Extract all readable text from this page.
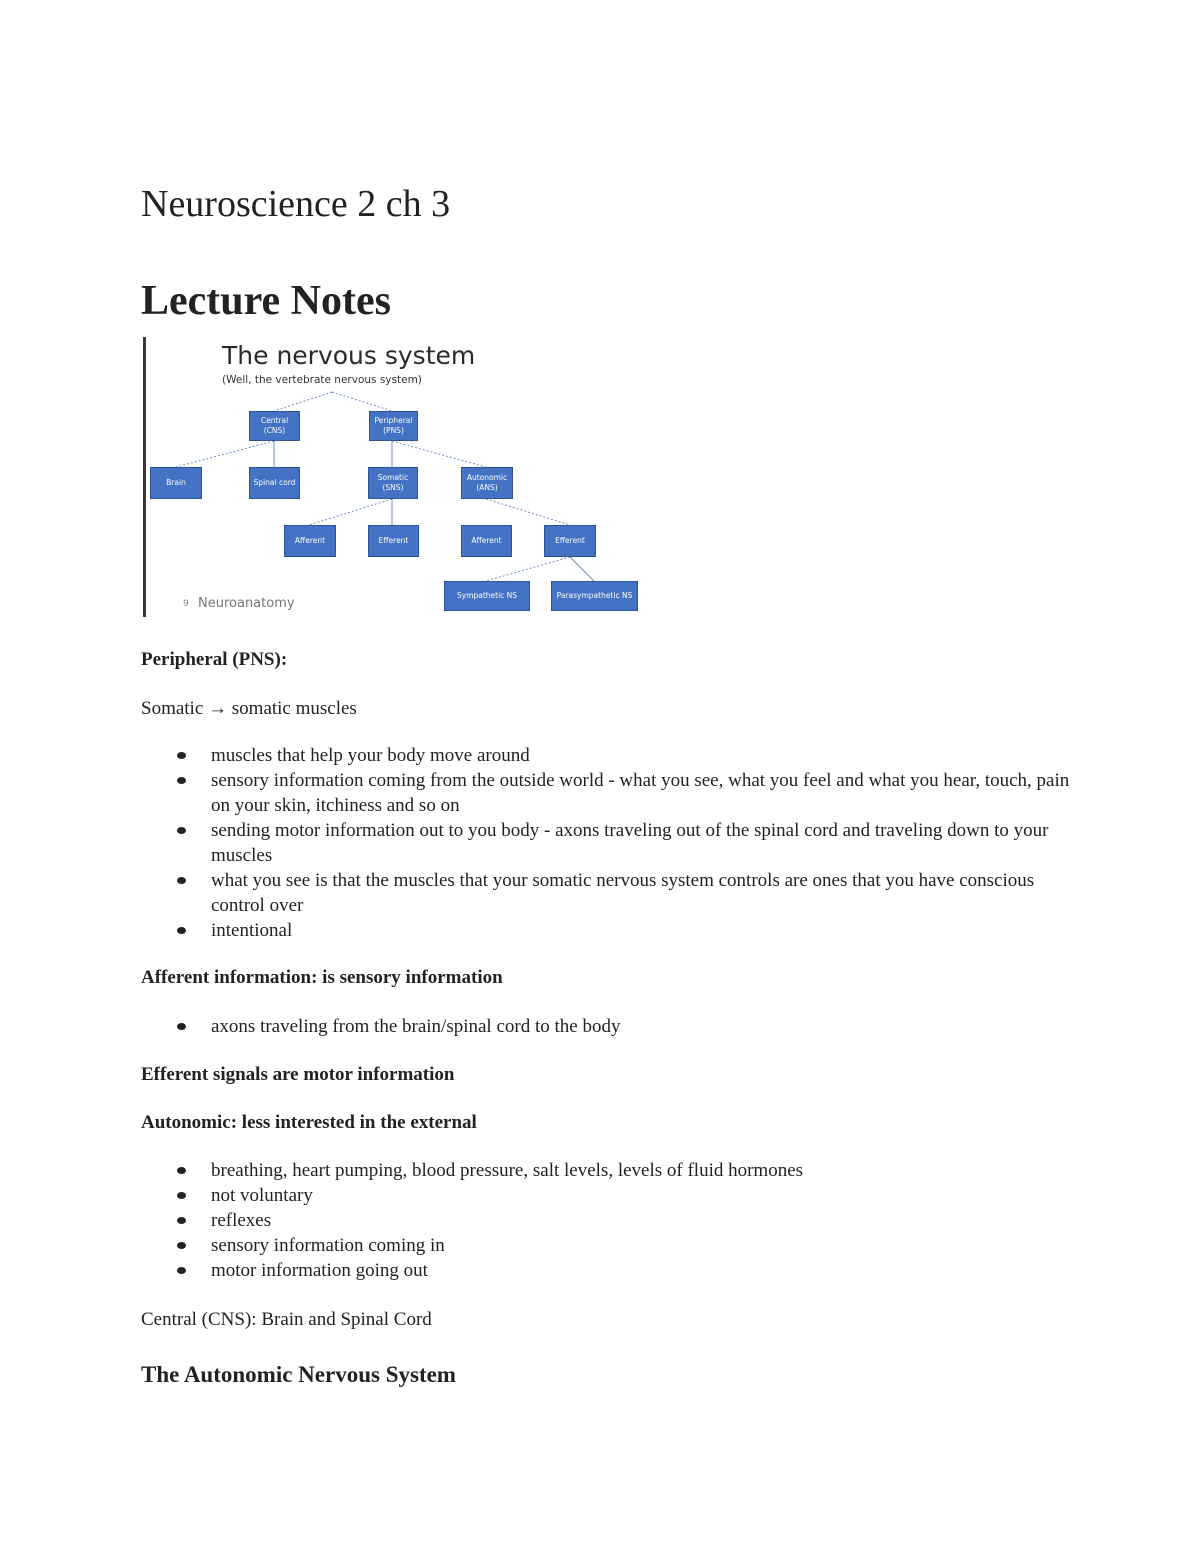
Neuroscience 2 ch 3
Lecture Notes
The nervous system
(Well, the vertebrate nervous system)
Central
(CNS)
Peripheral
(PNS)
Brain	Spinal cord
Somatic
(SNS)
Autonomic
(ANS)
Afferent	Efferent	Afferent	Efferent
Sympathetic NS	Parasympathetic NS
9 Neuroanatomy

Peripheral (PNS):

Somatic → somatic muscles

muscles that help your body move around
sensory information coming from the outside world - what you see, what you feel and what you hear, touch, pain on your skin, itchiness and so on
sending motor information out to you body - axons traveling out of the spinal cord and traveling down to your muscles
what you see is that the muscles that your somatic nervous system controls are ones that you have conscious control over
intentional

Afferent information: is sensory information

axons traveling from the brain/spinal cord to the body

Efferent signals are motor information

Autonomic: less interested in the external

breathing, heart pumping, blood pressure, salt levels, levels of fluid hormones
not voluntary
reflexes
sensory information coming in
motor information going out

Central (CNS): Brain and Spinal Cord

The Autonomic Nervous System
